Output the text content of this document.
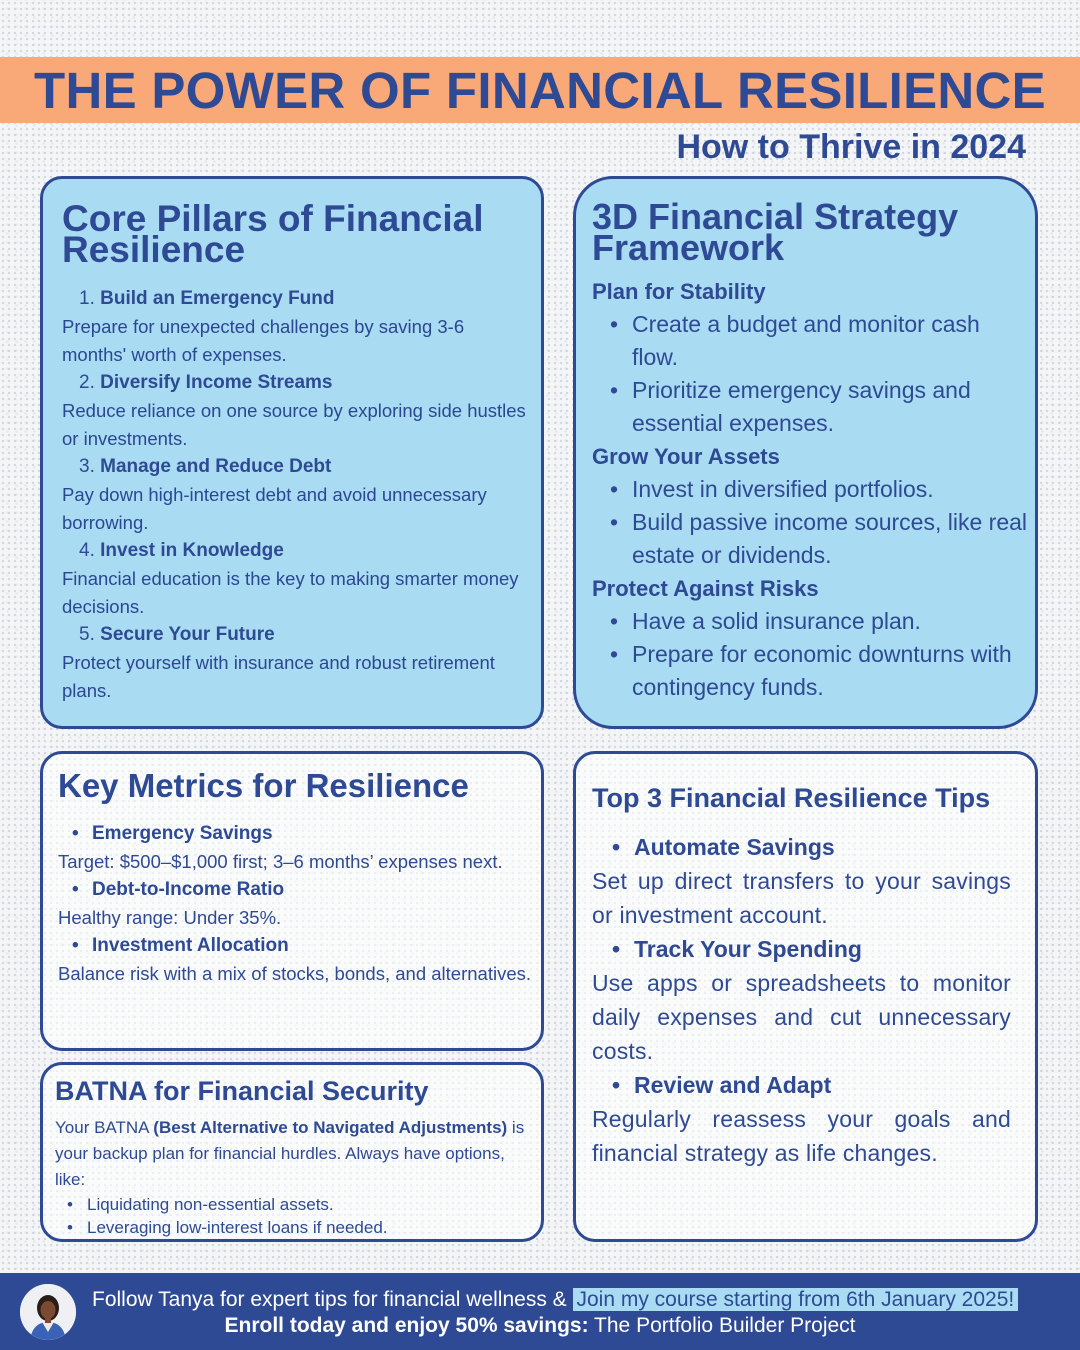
THE POWER OF FINANCIAL RESILIENCE
How to Thrive in 2024
Core Pillars of Financial Resilience
1. Build an Emergency Fund
Prepare for unexpected challenges by saving 3-6 months' worth of expenses.
2. Diversify Income Streams
Reduce reliance on one source by exploring side hustles or investments.
3. Manage and Reduce Debt
Pay down high-interest debt and avoid unnecessary borrowing.
4. Invest in Knowledge
Financial education is the key to making smarter money decisions.
5. Secure Your Future
Protect yourself with insurance and robust retirement plans.
3D Financial Strategy Framework
Plan for Stability
• Create a budget and monitor cash flow.
• Prioritize emergency savings and essential expenses.
Grow Your Assets
• Invest in diversified portfolios.
• Build passive income sources, like real estate or dividends.
Protect Against Risks
• Have a solid insurance plan.
• Prepare for economic downturns with contingency funds.
Key Metrics for Resilience
• Emergency Savings
Target: $500–$1,000 first; 3–6 months’ expenses next.
• Debt-to-Income Ratio
Healthy range: Under 35%.
• Investment Allocation
Balance risk with a mix of stocks, bonds, and alternatives.
BATNA for Financial Security
Your BATNA (Best Alternative to Navigated Adjustments) is your backup plan for financial hurdles. Always have options, like:
• Liquidating non-essential assets.
• Leveraging low-interest loans if needed.
Top 3 Financial Resilience Tips
• Automate Savings
Set up direct transfers to your savings or investment account.
• Track Your Spending
Use apps or spreadsheets to monitor daily expenses and cut unnecessary costs.
• Review and Adapt
Regularly reassess your goals and financial strategy as life changes.
Follow Tanya for expert tips for financial wellness & Join my course starting from 6th January 2025!
Enroll today and enjoy 50% savings: The Portfolio Builder Project
